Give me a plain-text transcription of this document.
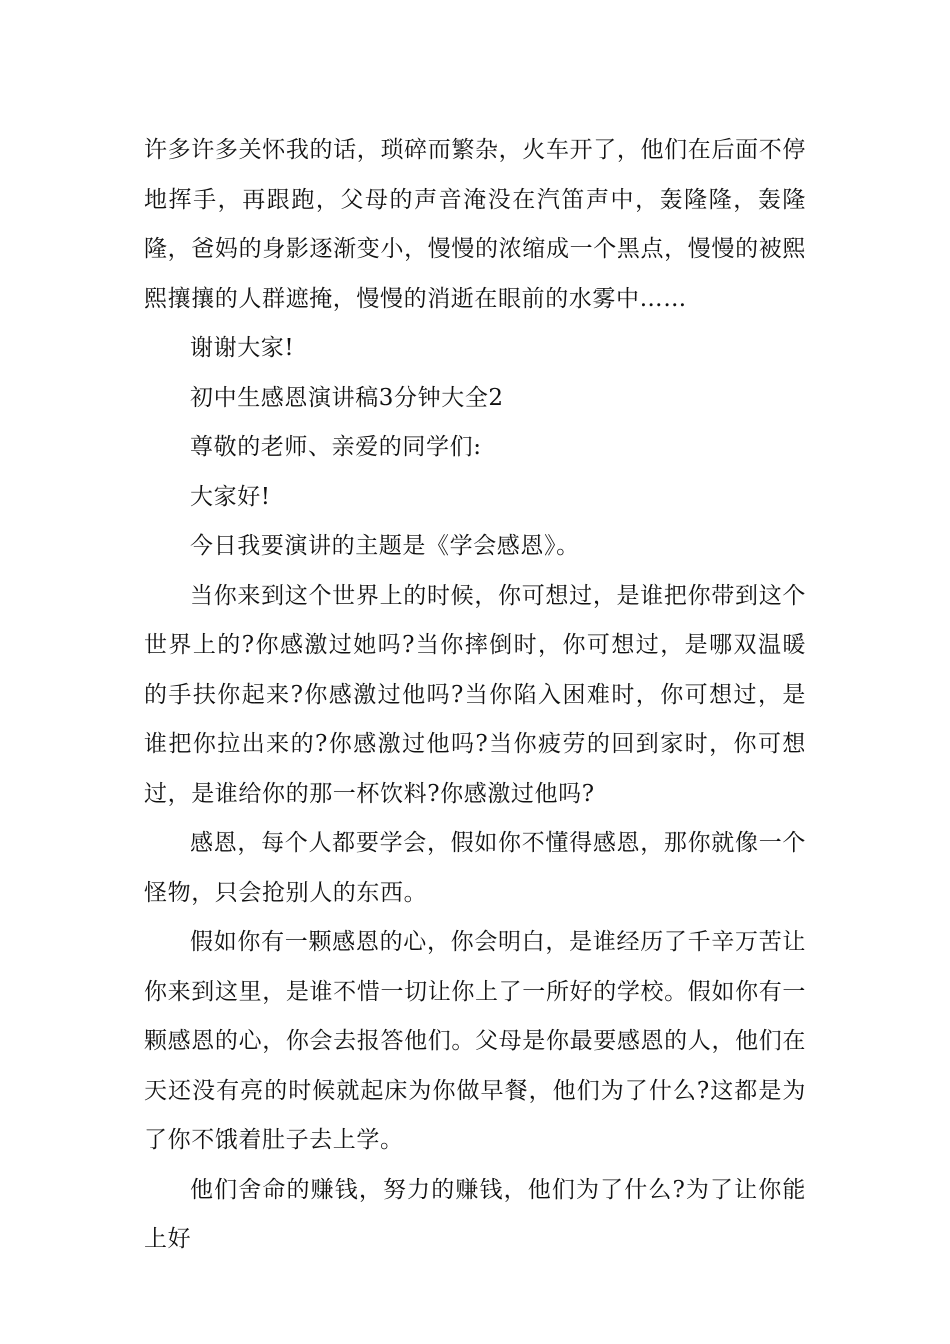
许多许多关怀我的话，琐碎而繁杂，火车开了，他们在后面不停地挥手，再跟跑，父母的声音淹没在汽笛声中，轰隆隆，轰隆隆，爸妈的身影逐渐变小，慢慢的浓缩成一个黑点，慢慢的被熙熙攘攘的人群遮掩，慢慢的消逝在眼前的水雾中……

谢谢大家!

初中生感恩演讲稿3分钟大全2

尊敬的老师、亲爱的同学们:

大家好!

今日我要演讲的主题是《学会感恩》。

当你来到这个世界上的时候，你可想过，是谁把你带到这个世界上的?你感激过她吗?当你摔倒时，你可想过，是哪双温暖的手扶你起来?你感激过他吗?当你陷入困难时，你可想过，是谁把你拉出来的?你感激过他吗?当你疲劳的回到家时，你可想过，是谁给你的那一杯饮料?你感激过他吗?

感恩，每个人都要学会，假如你不懂得感恩，那你就像一个怪物，只会抢别人的东西。

假如你有一颗感恩的心，你会明白，是谁经历了千辛万苦让你来到这里，是谁不惜一切让你上了一所好的学校。假如你有一颗感恩的心，你会去报答他们。父母是你最要感恩的人，他们在天还没有亮的时候就起床为你做早餐，他们为了什么?这都是为了你不饿着肚子去上学。

他们舍命的赚钱，努力的赚钱，他们为了什么?为了让你能上好
